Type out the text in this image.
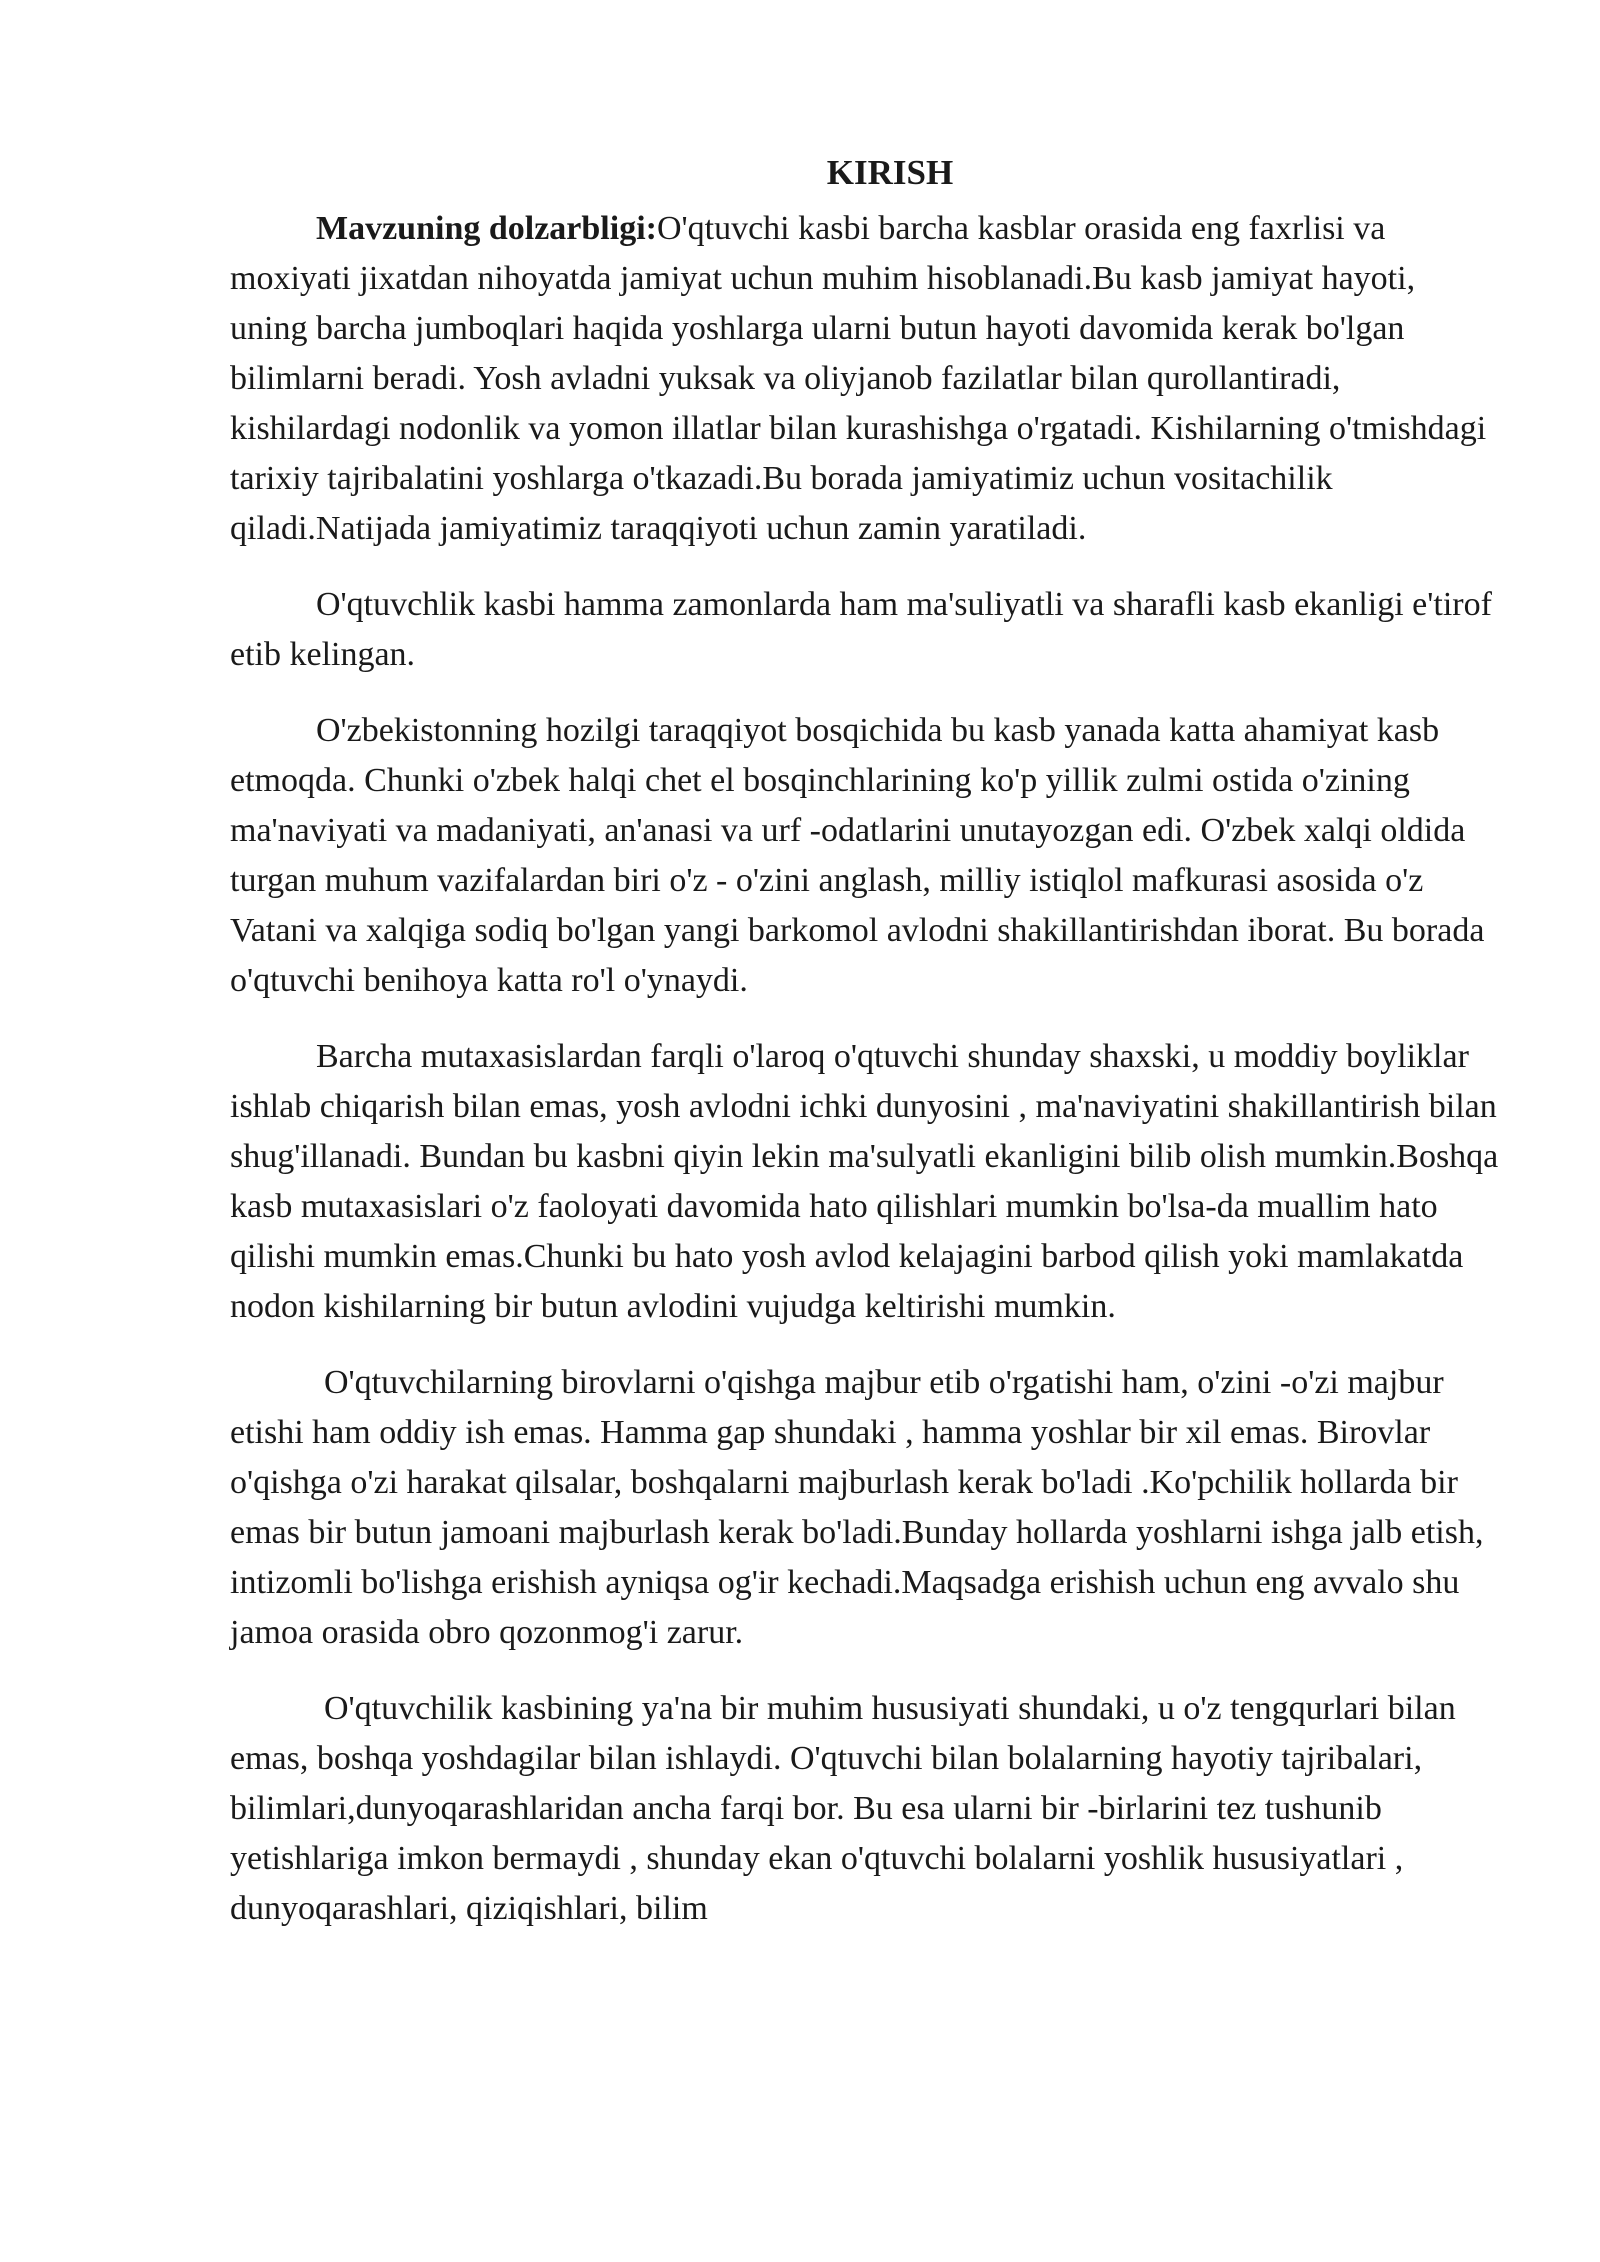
KIRISH

Mavzuning dolzarbligi:O'qtuvchi kasbi barcha kasblar orasida eng faxrlisi va moxiyati jixatdan nihoyatda jamiyat uchun muhim hisoblanadi.Bu kasb jamiyat hayoti, uning barcha jumboqlari haqida yoshlarga ularni butun hayoti davomida kerak bo'lgan bilimlarni beradi. Yosh avladni yuksak va oliyjanob fazilatlar bilan qurollantiradi, kishilardagi nodonlik va yomon illatlar bilan kurashishga o'rgatadi. Kishilarning o'tmishdagi tarixiy tajribalatini yoshlarga o'tkazadi.Bu borada jamiyatimiz uchun vositachilik qiladi.Natijada jamiyatimiz taraqqiyoti uchun zamin yaratiladi.

O'qtuvchlik kasbi hamma zamonlarda ham ma'suliyatli va sharafli kasb ekanligi e'tirof etib kelingan.

O'zbekistonning hozilgi taraqqiyot bosqichida bu kasb yanada katta ahamiyat kasb etmoqda. Chunki o'zbek halqi chet el bosqinchlarining ko'p yillik zulmi ostida o'zining ma'naviyati va madaniyati, an'anasi va urf -odatlarini unutayozgan edi. O'zbek xalqi oldida turgan muhum vazifalardan biri o'z - o'zini anglash, milliy istiqlol mafkurasi asosida o'z Vatani va xalqiga sodiq bo'lgan yangi barkomol avlodni shakillantirishdan iborat. Bu borada o'qtuvchi benihoya katta ro'l o'ynaydi.

Barcha mutaxasislardan farqli o'laroq o'qtuvchi shunday shaxski, u moddiy boyliklar ishlab chiqarish bilan emas, yosh avlodni ichki dunyosini , ma'naviyatini shakillantirish bilan shug'illanadi. Bundan bu kasbni qiyin lekin ma'sulyatli ekanligini bilib olish mumkin.Boshqa kasb mutaxasislari o'z faoloyati davomida hato qilishlari mumkin bo'lsa-da muallim hato qilishi mumkin emas.Chunki bu hato yosh avlod kelajagini barbod qilish yoki mamlakatda nodon kishilarning bir butun avlodini vujudga keltirishi mumkin.

O'qtuvchilarning birovlarni o'qishga majbur etib o'rgatishi ham, o'zini -o'zi majbur etishi ham oddiy ish emas. Hamma gap shundaki , hamma yoshlar bir xil emas. Birovlar o'qishga o'zi harakat qilsalar, boshqalarni majburlash kerak bo'ladi .Ko'pchilik hollarda bir emas bir butun jamoani majburlash kerak bo'ladi.Bunday hollarda yoshlarni ishga jalb etish, intizomli bo'lishga erishish ayniqsa og'ir kechadi.Maqsadga erishish uchun eng avvalo shu jamoa orasida obro qozonmog'i zarur.

O'qtuvchilik kasbining ya'na bir muhim hususіyati shundaki, u o'z tengqurlari bilan emas, boshqa yoshdagilar bilan ishlaydi. O'qtuvchi bilan bolalarning hayotiy tajribalari, bilimlari,dunyoqarashlaridan ancha farqi bor. Bu esa ularni bir -birlarini tez tushunib yetishlariga imkon bermaydi , shunday ekan o'qtuvchi bolalarni yoshlik hususіyatlari , dunyoqarashlari, qiziqishlari, bilim
